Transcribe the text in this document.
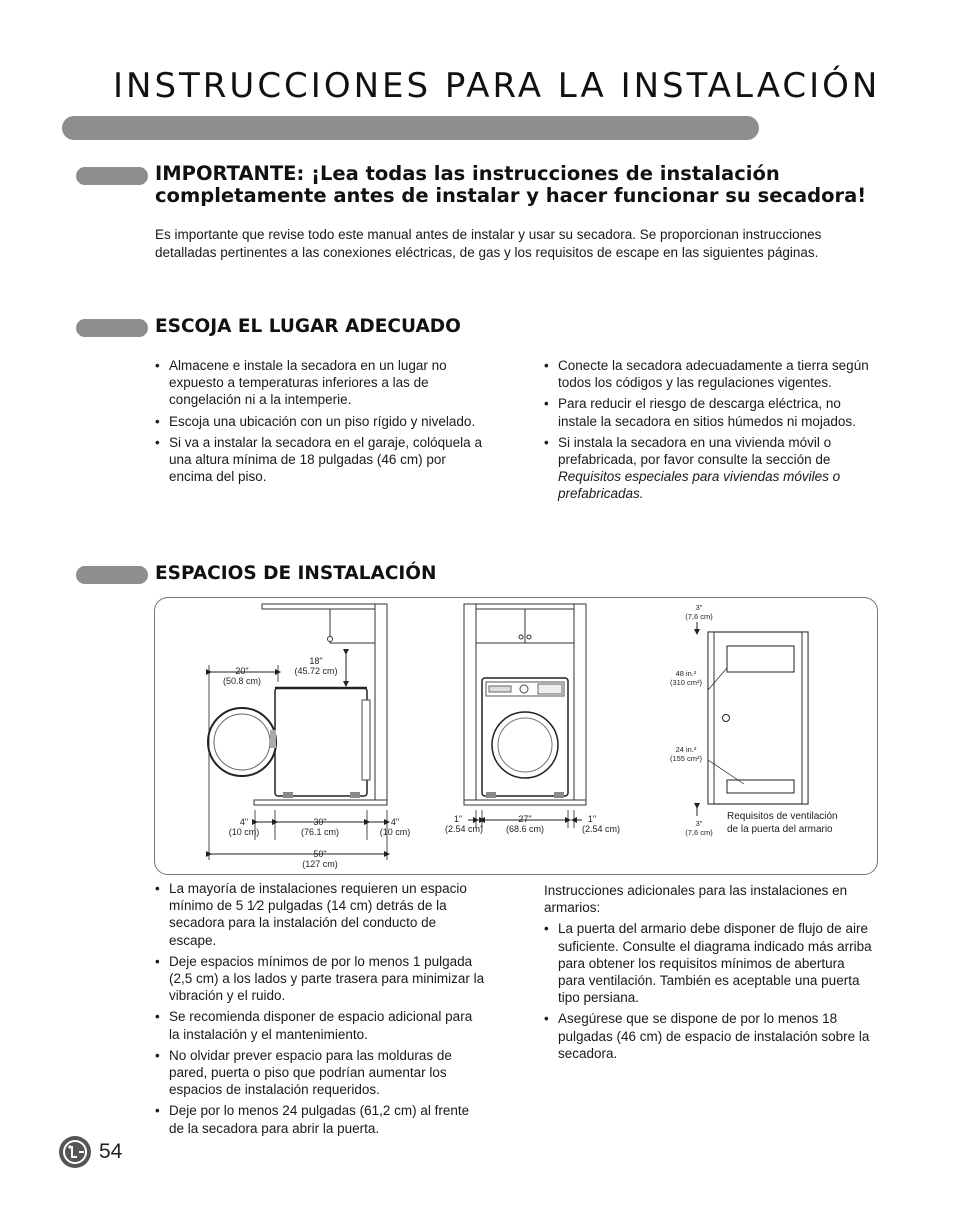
INSTRUCCIONES PARA LA INSTALACIÓN
IMPORTANTE: ¡Lea todas las instrucciones de instalación completamente antes de instalar y hacer funcionar su secadora!
Es importante que revise todo este manual antes de instalar y usar su secadora. Se proporcionan instrucciones detalladas pertinentes a las conexiones eléctricas, de gas y los requisitos de escape en las siguientes páginas.
ESCOJA EL LUGAR ADECUADO
• Almacene e instale la secadora en un lugar no expuesto a temperaturas inferiores a las de congelación ni a la intemperie.
• Escoja una ubicación con un piso rígido y nivelado.
• Si va a instalar la secadora en el garaje, colóquela a una altura mínima de 18 pulgadas (46 cm) por encima del piso.
• Conecte la secadora adecuadamente a tierra según todos los códigos y las regulaciones vigentes.
• Para reducir el riesgo de descarga eléctrica, no instale la secadora en sitios húmedos ni mojados.
• Si instala la secadora en una vivienda móvil o prefabricada, por favor consulte la sección de Requisitos especiales para viviendas móviles o prefabricadas.
ESPACIOS DE INSTALACIÓN
18"
(45.72 cm)
20"
(50.8 cm)
4"
(10 cm)
30"
(76.1 cm)
4"
(10 cm)
50"
(127 cm)
1"
(2.54 cm)
27"
(68.6 cm)
1"
(2.54 cm)
3"
(7,6 cm)
48 in.²
(310 cm²)
24 in.²
(155 cm²)
3"
(7,6 cm)
Requisitos de ventilación
de la puerta del armario
• La mayoría de instalaciones requieren un espacio mínimo de 5 1⁄2 pulgadas (14 cm) detrás de la secadora para la instalación del conducto de escape.
• Deje espacios mínimos de por lo menos 1 pulgada (2,5 cm) a los lados y parte trasera para minimizar la vibración y el ruido.
• Se recomienda disponer de espacio adicional para la instalación y el mantenimiento.
• No olvidar prever espacio para las molduras de pared, puerta o piso que podrían aumentar los espacios de instalación requeridos.
• Deje por lo menos 24 pulgadas (61,2 cm) al frente de la secadora para abrir la puerta.
Instrucciones adicionales para las instalaciones en armarios:
• La puerta del armario debe disponer de flujo de aire suficiente. Consulte el diagrama indicado más arriba para obtener los requisitos mínimos de abertura para ventilación. También es aceptable una puerta tipo persiana.
• Asegúrese que se dispone de por lo menos 18 pulgadas (46 cm) de espacio de instalación sobre la secadora.
54
